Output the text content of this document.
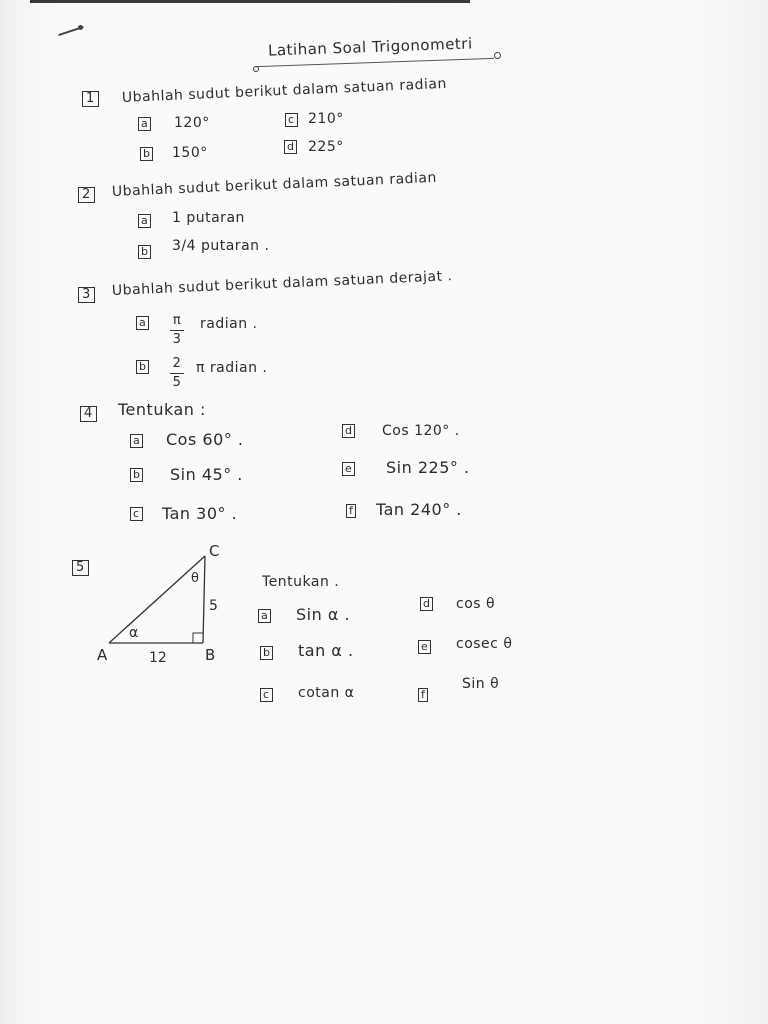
Latihan Soal Trigonometri
1 Ubahlah sudut berikut dalam satuan radian
a 120°
b 150°
c 210°
d 225°
2 Ubahlah sudut berikut dalam satuan radian
a 1 putaran
b 3/4 putaran .
3 Ubahlah sudut berikut dalam satuan derajat .
a π
3
radian .
b 2
5
π radian .
4 Tentukan :
a Cos 60° .
b Sin 45° .
c Tan 30° .
d Cos 120° .
e Sin 225° .
f Tan 240° .
5
A	B
C
α
θ
12
5
Tentukan .
a Sin α .
b tan α .
c cotan α
d cos θ
e cosec θ
f
Sin θ
